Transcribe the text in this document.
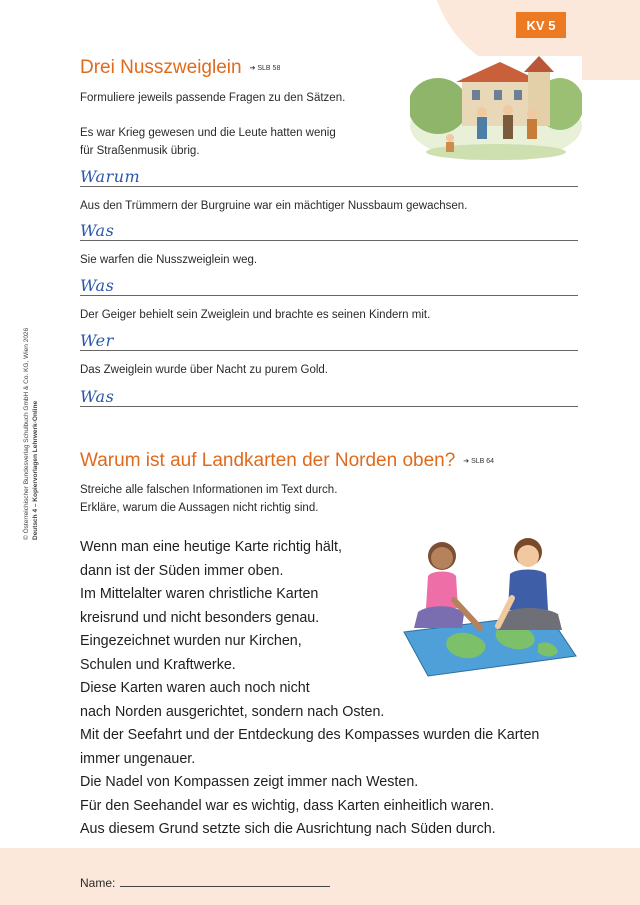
KV 5
© Österreichischer Bundesverlag Schulbuch GmbH & Co. KG, Wien 2026 Deutsch 4 – Kopiervorlagen Lehrwerk-Online
Drei Nusszweiglein ➔ SLB 58
Formuliere jeweils passende Fragen zu den Sätzen.
Es war Krieg gewesen und die Leute hatten wenig
für Straßenmusik übrig.
Warum
Aus den Trümmern der Burgruine war ein mächtiger Nussbaum gewachsen.
Was
Sie warfen die Nusszweiglein weg.
Was
Der Geiger behielt sein Zweiglein und brachte es seinen Kindern mit.
Wer
Das Zweiglein wurde über Nacht zu purem Gold.
Was
Warum ist auf Landkarten der Norden oben? ➔ SLB 64
Streiche alle falschen Informationen im Text durch.
Erkläre, warum die Aussagen nicht richtig sind.
Wenn man eine heutige Karte richtig hält,
dann ist der Süden immer oben.
Im Mittelalter waren christliche Karten
kreisrund und nicht besonders genau.
Eingezeichnet wurden nur Kirchen,
Schulen und Kraftwerke.
Diese Karten waren auch noch nicht
nach Norden ausgerichtet, sondern nach Osten.
Mit der Seefahrt und der Entdeckung des Kompasses wurden die Karten
immer ungenauer.
Die Nadel von Kompassen zeigt immer nach Westen.
Für den Seehandel war es wichtig, dass Karten einheitlich waren.
Aus diesem Grund setzte sich die Ausrichtung nach Süden durch.
Name:
